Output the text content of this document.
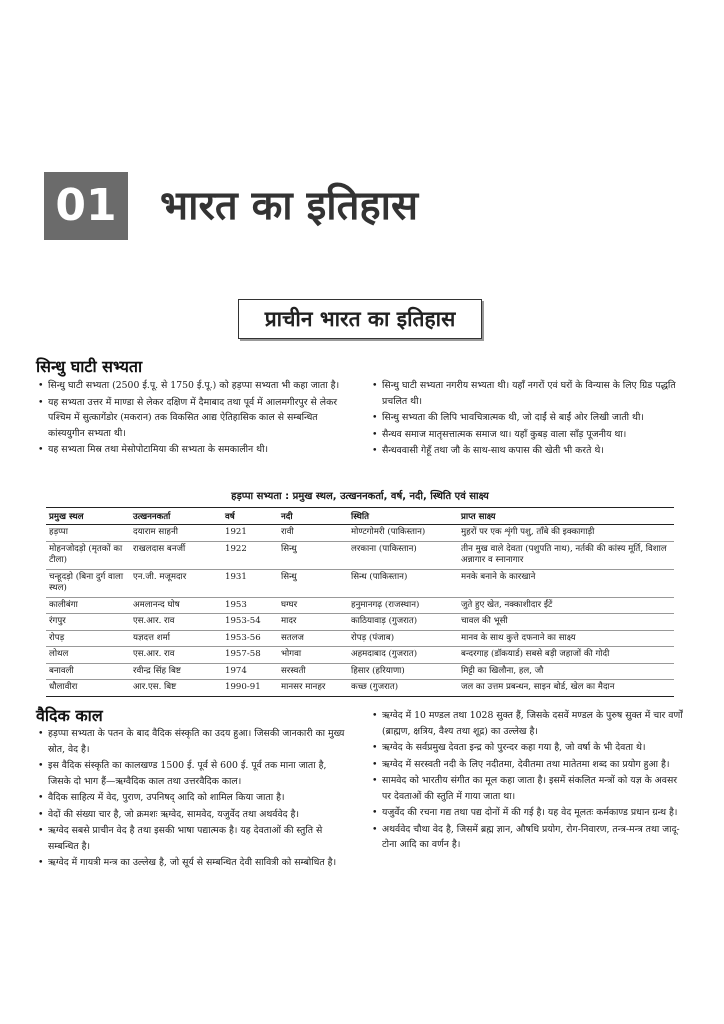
01 भारत का इतिहास
प्राचीन भारत का इतिहास
सिन्धु घाटी सभ्यता
• सिन्धु घाटी सभ्यता (2500 ई.पू. से 1750 ई.पू.) को हड़प्पा सभ्यता भी कहा जाता है।
• यह सभ्यता उत्तर में माण्डा से लेकर दक्षिण में दैमाबाद तथा पूर्व में आलमगीरपुर से लेकर पश्चिम में सुत्कागेंडोर (मकरान) तक विकसित आद्य ऐतिहासिक काल से सम्बन्धित कांस्ययुगीन सभ्यता थी।
• यह सभ्यता मिस्र तथा मेसोपोटामिया की सभ्यता के समकालीन थी।
• सिन्धु घाटी सभ्यता नगरीय सभ्यता थी। यहाँ नगरों एवं घरों के विन्यास के लिए ग्रिड पद्धति प्रचलित थी।
• सिन्धु सभ्यता की लिपि भावचित्रात्मक थी, जो दाईं से बाईं ओर लिखी जाती थी।
• सैन्धव समाज मातृसत्तात्मक समाज था। यहाँ कुबड़ वाला साँड़ पूजनीय था।
• सैन्धववासी गेहूँ तथा जौ के साथ-साथ कपास की खेती भी करते थे।
हड़प्पा सभ्यता : प्रमुख स्थल, उत्खननकर्ता, वर्ष, नदी, स्थिति एवं साक्ष्य
प्रमुख स्थल	उत्खननकर्ता	वर्ष	नदी	स्थिति	प्राप्त साक्ष्य
हड़प्पा	दयाराम साहनी	1921	रावी	मोण्टगोमरी (पाकिस्तान)	मुहरों पर एक शृंगी पशु, ताँबे की इक्कागाड़ी
मोहनजोदड़ो (मृतकों का टीला)	राखलदास बनर्जी	1922	सिन्धु	लरकाना (पाकिस्तान)	तीन मुख वाले देवता (पशुपति नाथ), नर्तकी की कांस्य मूर्ति, विशाल अन्नागार व स्नानागार
चन्हूदड़ो (बिना दुर्ग वाला स्थल)	एन.जी. मजूमदार	1931	सिन्धु	सिन्ध (पाकिस्तान)	मनके बनाने के कारखाने
कालीबंगा	अमलानन्द घोष	1953	घग्घर	हनुमानगढ़ (राजस्थान)	जुते हुए खेत, नक्काशीदार ईंटें
रंगपुर	एस.आर. राव	1953-54	मादर	काठियावाड़ (गुजरात)	चावल की भूसी
रोपड़	यज्ञदत्त शर्मा	1953-56	सतलज	रोपड़ (पंजाब)	मानव के साथ कुत्ते दफनाने का साक्ष्य
लोथल	एस.आर. राव	1957-58	भोगवा	अहमदाबाद (गुजरात)	बन्दरगाह (डॉकयार्ड) सबसे बड़ी जहाजों की गोदी
बनावली	रवीन्द्र सिंह बिष्ट	1974	सरस्वती	हिसार (हरियाणा)	मिट्टी का खिलौना, हल, जौ
धौलावीरा	आर.एस. बिष्ट	1990-91	मानसर मानहर	कच्छ (गुजरात)	जल का उत्तम प्रबन्धन, साइन बोर्ड, खेल का मैदान
वैदिक काल
• हड़प्पा सभ्यता के पतन के बाद वैदिक संस्कृति का उदय हुआ। जिसकी जानकारी का मुख्य स्रोत, वेद है।
• इस वैदिक संस्कृति का कालखण्ड 1500 ई. पूर्व से 600 ई. पूर्व तक माना जाता है, जिसके दो भाग हैं—ऋग्वैदिक काल तथा उत्तरवैदिक काल।
• वैदिक साहित्य में वेद, पुराण, उपनिषद् आदि को शामिल किया जाता है।
• वेदों की संख्या चार है, जो क्रमशः ऋग्वेद, सामवेद, यजुर्वेद तथा अथर्ववेद है।
• ऋग्वेद सबसे प्राचीन वेद है तथा इसकी भाषा पद्यात्मक है। यह देवताओं की स्तुति से सम्बन्धित है।
• ऋग्वेद में गायत्री मन्त्र का उल्लेख है, जो सूर्य से सम्बन्धित देवी सावित्री को सम्बोधित है।
• ऋग्वेद में 10 मण्डल तथा 1028 सुक्त हैं, जिसके दसवें मण्डल के पुरुष सुक्त में चार वर्णों (ब्राह्मण, क्षत्रिय, वैश्य तथा शूद्र) का उल्लेख है।
• ऋग्वेद के सर्वप्रमुख देवता इन्द्र को पुरन्दर कहा गया है, जो वर्षा के भी देवता थे।
• ऋग्वेद में सरस्वती नदी के लिए नदीतमा, देवीतमा तथा मातेतमा शब्द का प्रयोग हुआ है।
• सामवेद को भारतीय संगीत का मूल कहा जाता है। इसमें संकलित मन्त्रों को यज्ञ के अवसर पर देवताओं की स्तुति में गाया जाता था।
• यजुर्वेद की रचना गद्य तथा पद्य दोनों में की गई है। यह वेद मूलतः कर्मकाण्ड प्रधान ग्रन्थ है।
• अथर्ववेद चौथा वेद है, जिसमें ब्रह्म ज्ञान, औषधि प्रयोग, रोग-निवारण, तन्त्र-मन्त्र तथा जादू-टोना आदि का वर्णन है।
